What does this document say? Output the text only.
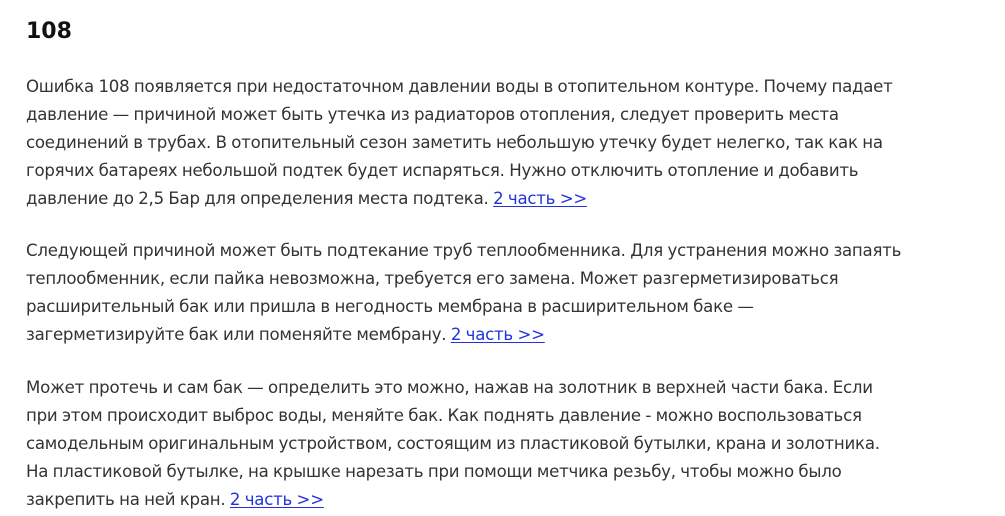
108

Ошибка 108 появляется при недостаточном давлении воды в отопительном контуре. Почему падает давление — причиной может быть утечка из радиаторов отопления, следует проверить места соединений в трубах. В отопительный сезон заметить небольшую утечку будет нелегко, так как на горячих батареях небольшой подтек будет испаряться. Нужно отключить отопление и добавить давление до 2,5 Бар для определения места подтека. 2 часть >>

Следующей причиной может быть подтекание труб теплообменника. Для устранения можно запаять теплообменник, если пайка невозможна, требуется его замена. Может разгерметизироваться расширительный бак или пришла в негодность мембрана в расширительном баке — загерметизируйте бак или поменяйте мембрану. 2 часть >>

Может протечь и сам бак — определить это можно, нажав на золотник в верхней части бака. Если при этом происходит выброс воды, меняйте бак. Как поднять давление - можно воспользоваться самодельным оригинальным устройством, состоящим из пластиковой бутылки, крана и золотника. На пластиковой бутылке, на крышке нарезать при помощи метчика резьбу, чтобы можно было закрепить на ней кран. 2 часть >>
